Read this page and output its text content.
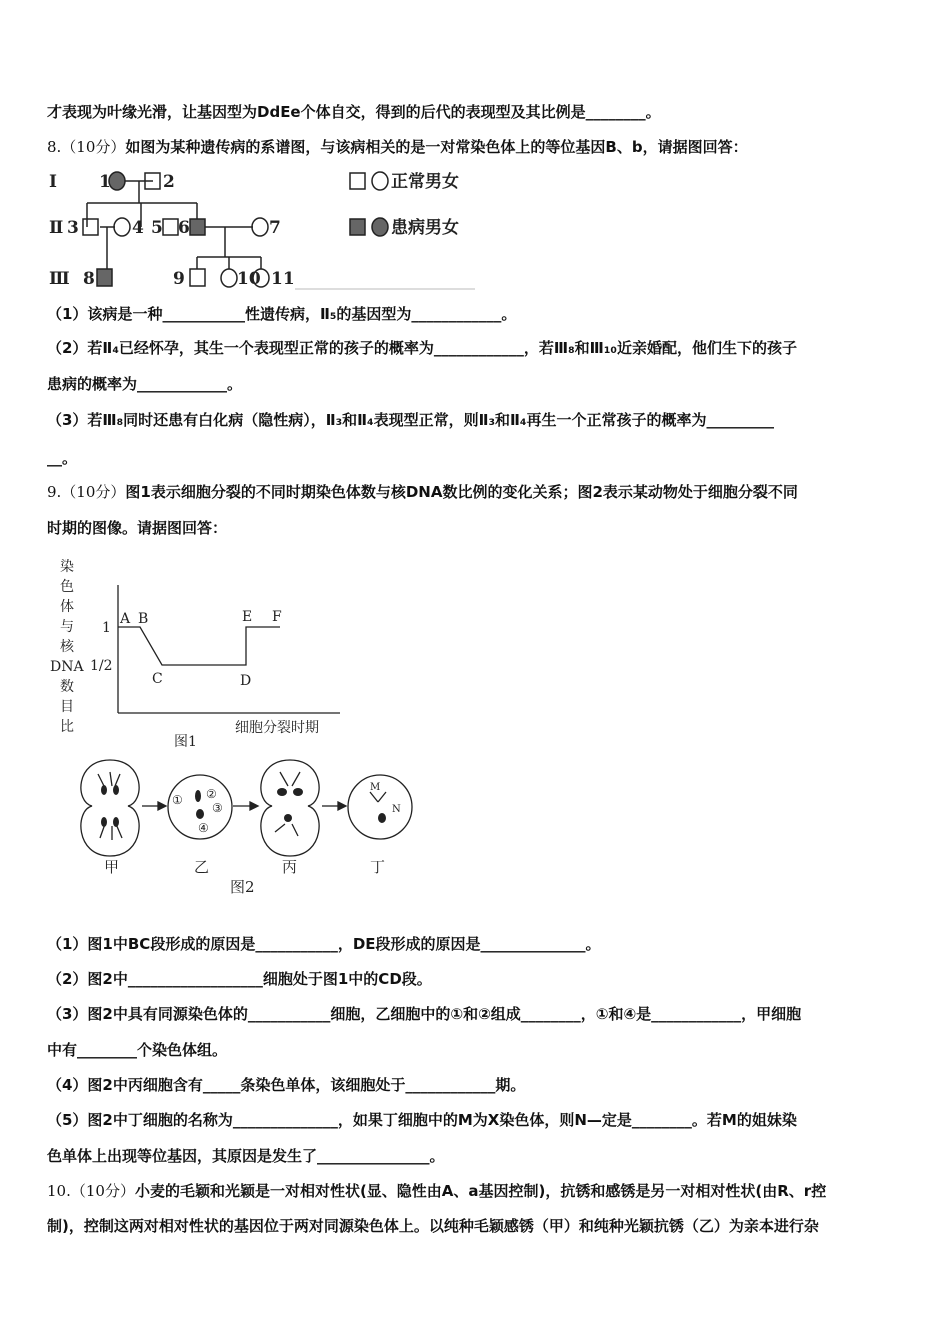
才表现为叶缘光滑，让基因型为DdEe个体自交，得到的后代的表现型及其比例是________。
8.（10分）如图为某种遗传病的系谱图，与该病相关的是一对常染色体上的等位基因B、b，请据图回答：
Ⅰ 1	2
Ⅱ 3	4 5 6	7
Ⅲ 8	9	10 11
正常男女
患病男女
（1）该病是一种___________性遗传病，Ⅱ₅的基因型为____________。
（2）若Ⅱ₄已经怀孕，其生一个表现型正常的孩子的概率为____________，若Ⅲ₈和Ⅲ₁₀近亲婚配，他们生下的孩子
患病的概率为____________。
（3）若Ⅲ₈同时还患有白化病（隐性病），Ⅱ₃和Ⅱ₄表现型正常，则Ⅱ₃和Ⅱ₄再生一个正常孩子的概率为_________
__。
9.（10分）图1表示细胞分裂的不同时期染色体数与核DNA数比例的变化关系；图2表示某动物处于细胞分裂不同
时期的图像。请据图回答：
染
色
体
与
核
DNA
数
目
比
1
1/2
A B
C	D
E F
细胞分裂时期
图1
① ②
③
④
M
N
甲	乙	丙	丁
图2
（1）图1中BC段形成的原因是___________，DE段形成的原因是______________。
（2）图2中__________________细胞处于图1中的CD段。
（3）图2中具有同源染色体的___________细胞，乙细胞中的①和②组成________，①和④是____________，甲细胞
中有________个染色体组。
（4）图2中丙细胞含有_____条染色单体，该细胞处于____________期。
（5）图2中丁细胞的名称为______________，如果丁细胞中的M为X染色体，则N—定是________。若M的姐妹染
色单体上出现等位基因，其原因是发生了_______________。
10.（10分）小麦的毛颖和光颖是一对相对性状(显、隐性由A、a基因控制)，抗锈和感锈是另一对相对性状(由R、r控
制)，控制这两对相对性状的基因位于两对同源染色体上。以纯种毛颖感锈（甲）和纯种光颖抗锈（乙）为亲本进行杂
